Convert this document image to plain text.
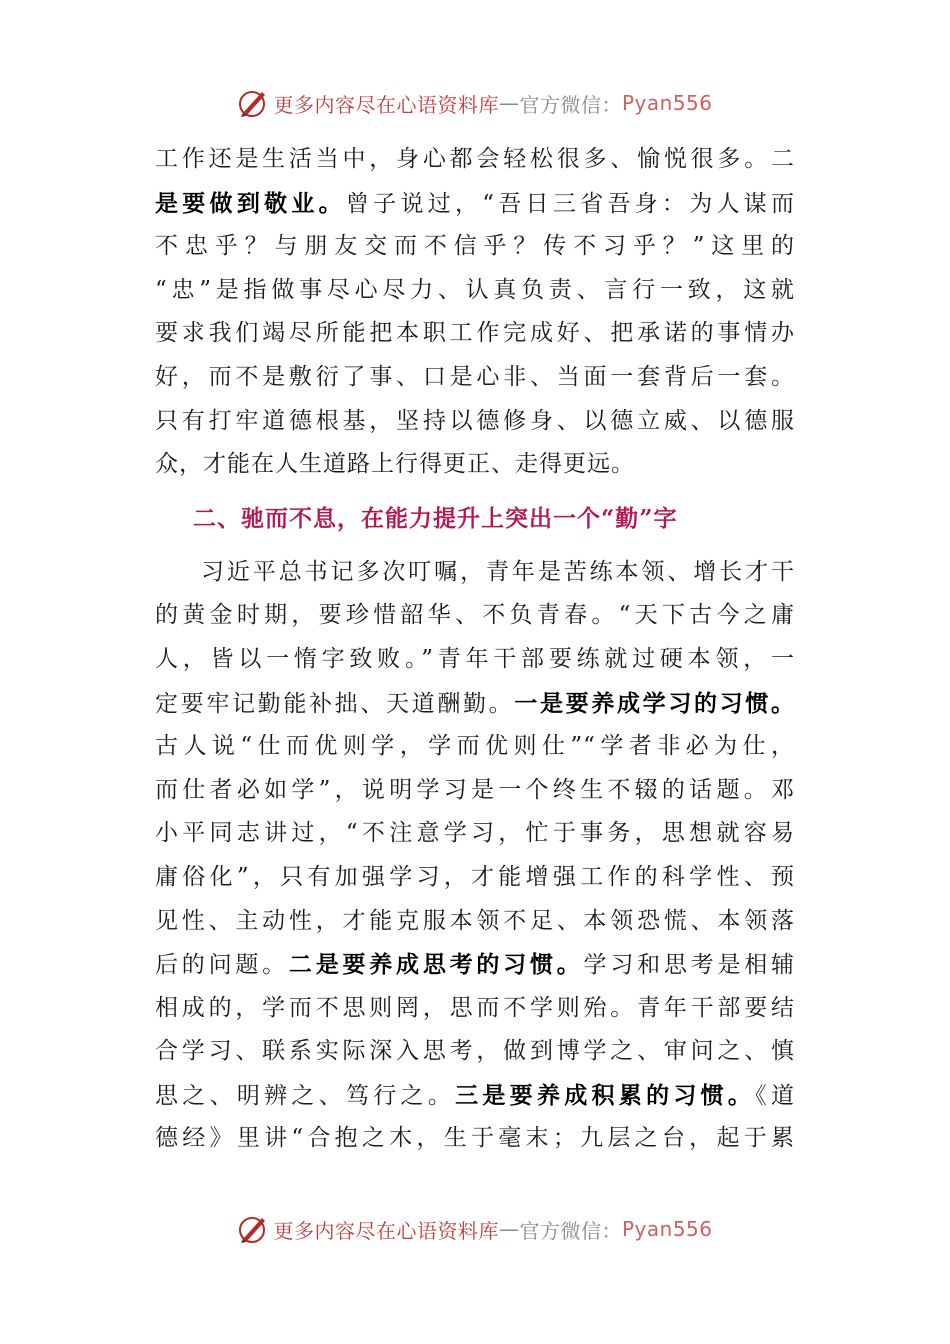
更多内容尽在心语资料库 — 官方微信： Pyan556
工作还是生活当中，身心都会轻松很多、愉悦很多。二
是要做到敬业。曾子说过，“吾日三省吾身：为人谋而
不忠乎？与朋友交而不信乎？传不习乎？”这里的
“忠”是指做事尽心尽力、认真负责、言行一致，这就
要求我们竭尽所能把本职工作完成好、把承诺的事情办
好，而不是敷衍了事、口是心非、当面一套背后一套。
只有打牢道德根基，坚持以德修身、以德立威、以德服
众，才能在人生道路上行得更正、走得更远。
二、驰而不息，在能力提升上突出一个“勤”字
习近平总书记多次叮嘱，青年是苦练本领、增长才干
的黄金时期，要珍惜韶华、不负青春。“天下古今之庸
人，皆以一惰字致败。”青年干部要练就过硬本领，一
定要牢记勤能补拙、天道酬勤。一是要养成学习的习惯。
古人说“仕而优则学，学而优则仕”“学者非必为仕，
而仕者必如学”，说明学习是一个终生不辍的话题。邓
小平同志讲过，“不注意学习，忙于事务，思想就容易
庸俗化”，只有加强学习，才能增强工作的科学性、预
见性、主动性，才能克服本领不足、本领恐慌、本领落
后的问题。二是要养成思考的习惯。学习和思考是相辅
相成的，学而不思则罔，思而不学则殆。青年干部要结
合学习、联系实际深入思考，做到博学之、审问之、慎
思之、明辨之、笃行之。三是要养成积累的习惯。《道
德经》里讲“合抱之木，生于毫末；九层之台，起于累
更多内容尽在心语资料库 — 官方微信： Pyan556
